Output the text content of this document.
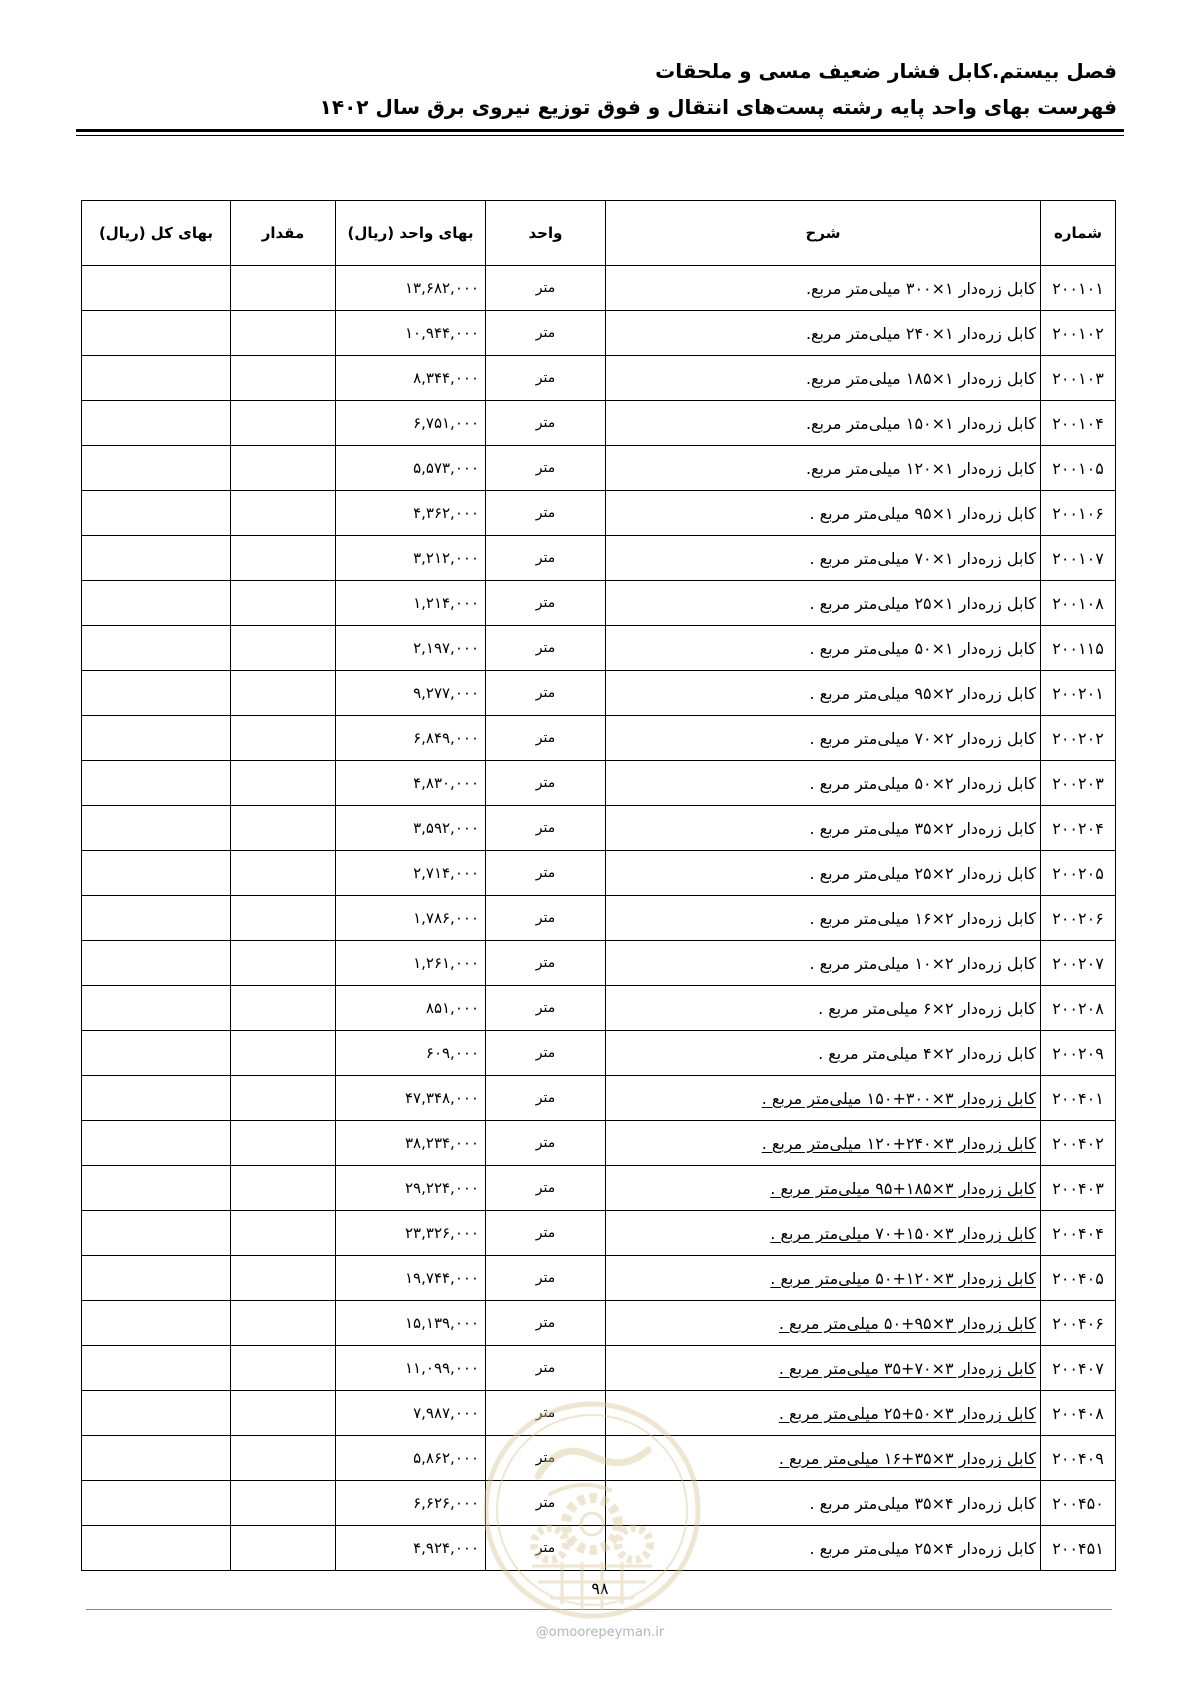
فصل بیستم.کابل فشار ضعیف مسی و ملحقات
فهرست بهای واحد پایه رشته پست‌های انتقال و فوق توزیع نیروی برق سال ۱۴۰۲
شماره	شرح	واحد	بهای واحد (ریال)	مقدار	بهای کل (ریال)
۲۰۰۱۰۱	کابل زره‌دار ۱×۳۰۰ میلی‌متر مربع.	متر	۱۳,۶۸۲,۰۰۰		
۲۰۰۱۰۲	کابل زره‌دار ۱×۲۴۰ میلی‌متر مربع.	متر	۱۰,۹۴۴,۰۰۰		
۲۰۰۱۰۳	کابل زره‌دار ۱×۱۸۵ میلی‌متر مربع.	متر	۸,۳۴۴,۰۰۰		
۲۰۰۱۰۴	کابل زره‌دار ۱×۱۵۰ میلی‌متر مربع.	متر	۶,۷۵۱,۰۰۰		
۲۰۰۱۰۵	کابل زره‌دار ۱×۱۲۰ میلی‌متر مربع.	متر	۵,۵۷۳,۰۰۰		
۲۰۰۱۰۶	کابل زره‌دار ۱×۹۵ میلی‌متر مربع .	متر	۴,۳۶۲,۰۰۰		
۲۰۰۱۰۷	کابل زره‌دار ۱×۷۰ میلی‌متر مربع .	متر	۳,۲۱۲,۰۰۰		
۲۰۰۱۰۸	کابل زره‌دار ۱×۲۵ میلی‌متر مربع .	متر	۱,۲۱۴,۰۰۰		
۲۰۰۱۱۵	کابل زره‌دار ۱×۵۰ میلی‌متر مربع .	متر	۲,۱۹۷,۰۰۰		
۲۰۰۲۰۱	کابل زره‌دار ۲×۹۵ میلی‌متر مربع .	متر	۹,۲۷۷,۰۰۰		
۲۰۰۲۰۲	کابل زره‌دار ۲×۷۰ میلی‌متر مربع .	متر	۶,۸۴۹,۰۰۰		
۲۰۰۲۰۳	کابل زره‌دار ۲×۵۰ میلی‌متر مربع .	متر	۴,۸۳۰,۰۰۰		
۲۰۰۲۰۴	کابل زره‌دار ۲×۳۵ میلی‌متر مربع .	متر	۳,۵۹۲,۰۰۰		
۲۰۰۲۰۵	کابل زره‌دار ۲×۲۵ میلی‌متر مربع .	متر	۲,۷۱۴,۰۰۰		
۲۰۰۲۰۶	کابل زره‌دار ۲×۱۶ میلی‌متر مربع .	متر	۱,۷۸۶,۰۰۰		
۲۰۰۲۰۷	کابل زره‌دار ۲×۱۰ میلی‌متر مربع .	متر	۱,۲۶۱,۰۰۰		
۲۰۰۲۰۸	کابل زره‌دار ۲×۶ میلی‌متر مربع .	متر	۸۵۱,۰۰۰		
۲۰۰۲۰۹	کابل زره‌دار ۲×۴ میلی‌متر مربع .	متر	۶۰۹,۰۰۰		
۲۰۰۴۰۱	کابل زره‌دار ۳×۳۰۰+۱۵۰ میلی‌متر مربع .	متر	۴۷,۳۴۸,۰۰۰		
۲۰۰۴۰۲	کابل زره‌دار ۳×۲۴۰+۱۲۰ میلی‌متر مربع .	متر	۳۸,۲۳۴,۰۰۰		
۲۰۰۴۰۳	کابل زره‌دار ۳×۱۸۵+۹۵ میلی‌متر مربع .	متر	۲۹,۲۲۴,۰۰۰		
۲۰۰۴۰۴	کابل زره‌دار ۳×۱۵۰+۷۰ میلی‌متر مربع .	متر	۲۳,۳۲۶,۰۰۰		
۲۰۰۴۰۵	کابل زره‌دار ۳×۱۲۰+۵۰ میلی‌متر مربع .	متر	۱۹,۷۴۴,۰۰۰		
۲۰۰۴۰۶	کابل زره‌دار ۳×۹۵+۵۰ میلی‌متر مربع .	متر	۱۵,۱۳۹,۰۰۰		
۲۰۰۴۰۷	کابل زره‌دار ۳×۷۰+۳۵ میلی‌متر مربع .	متر	۱۱,۰۹۹,۰۰۰		
۲۰۰۴۰۸	کابل زره‌دار ۳×۵۰+۲۵ میلی‌متر مربع .	متر	۷,۹۸۷,۰۰۰		
۲۰۰۴۰۹	کابل زره‌دار ۳×۳۵+۱۶ میلی‌متر مربع .	متر	۵,۸۶۲,۰۰۰		
۲۰۰۴۵۰	کابل زره‌دار ۴×۳۵ میلی‌متر مربع .	متر	۶,۶۲۶,۰۰۰		
۲۰۰۴۵۱	کابل زره‌دار ۴×۲۵ میلی‌متر مربع .	متر	۴,۹۲۴,۰۰۰		
۹۸
@omoorepeyman.ir
